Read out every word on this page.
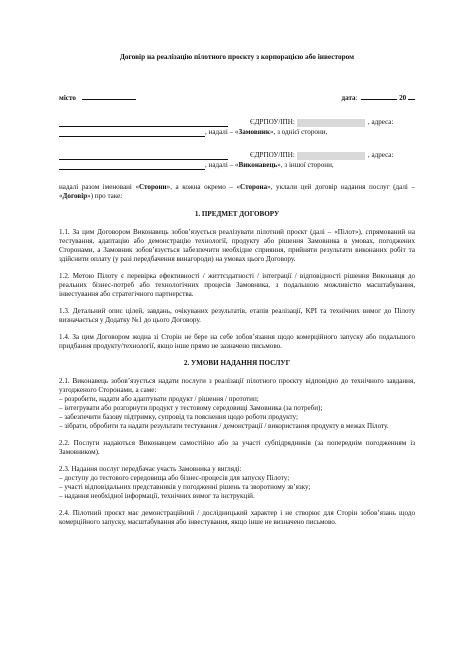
Договір на реалізацію пілотного проєкту з корпорацією або інвестором
місто	дата:	20
ЄДРПОУ/ІПН:	, адреса:
, надалі – « Замовник », з однієї сторони,
ЄДРПОУ/ІПН:	, адреса:
, надалі – « Виконавець », з іншої сторони,

надалі разом іменовані «Сторони», а кожна окремо – «Сторона», уклали цей договір надання послуг (далі – «Договір») про таке:

1. ПРЕДМЕТ ДОГОВОРУ

1.1. За цим Договором Виконавець зобов’язується реалізувати пілотний проєкт (далі – «Пілот»), спрямований на тестування, адаптацію або демонстрацію технології, продукту або рішення Замовника в умовах, погоджених Сторонами, а Замовник зобов’язується забезпечити необхідне сприяння, прийняти результати виконаних робіт та здійснити оплату (у разі передбачення винагороди) на умовах цього Договору.

1.2. Метою Пілоту є перевірка ефективності / життєздатності / інтеграції / відповідності рішення Виконавця до реальних бізнес-потреб або технологічних процесів Замовника, з подальшою можливістю масштабування, інвестування або стратегічного партнерства.

1.3. Детальний опис цілей, завдань, очікуваних результатів, етапів реалізації, KPI та технічних вимог до Пілоту визначається у Додатку №1 до цього Договору.

1.4. За цим Договором жодна зі Сторін не бере на себе зобов’язання щодо комерційного запуску або подальшого придбання продукту/технології, якщо інше прямо не зазначено письмово.

2. УМОВИ НАДАННЯ ПОСЛУГ

2.1. Виконавець зобов’язується надати послуги з реалізації пілотного проєкту відповідно до технічного завдання, узгодженого Сторонами, а саме:

– розробити, надати або адаптувати продукт / рішення / прототип;

– інтегрувати або розгорнути продукт у тестовому середовищі Замовника (за потреби);

– забезпечити базову підтримку, супровід та пояснення щодо роботи продукту;

– зібрати, обробити та надати результати тестування / демонстрації / використання продукту в межах Пілоту.

2.2. Послуги надаються Виконавцем самостійно або за участі субпідрядників (за попереднім погодженням із Замовником).

2.3. Надання послуг передбачає участь Замовника у вигляді:

– доступу до тестового середовища або бізнес-процесів для запуску Пілоту;

– участі відповідальних представників у погодженні рішень та зворотному зв’язку;

– надання необхідної інформації, технічних вимог та інструкцій.

2.4. Пілотний проєкт має демонстраційний / дослідницький характер і не створює для Сторін зобов’язань щодо комерційного запуску, масштабування або інвестування, якщо інше не визначено письмово.
